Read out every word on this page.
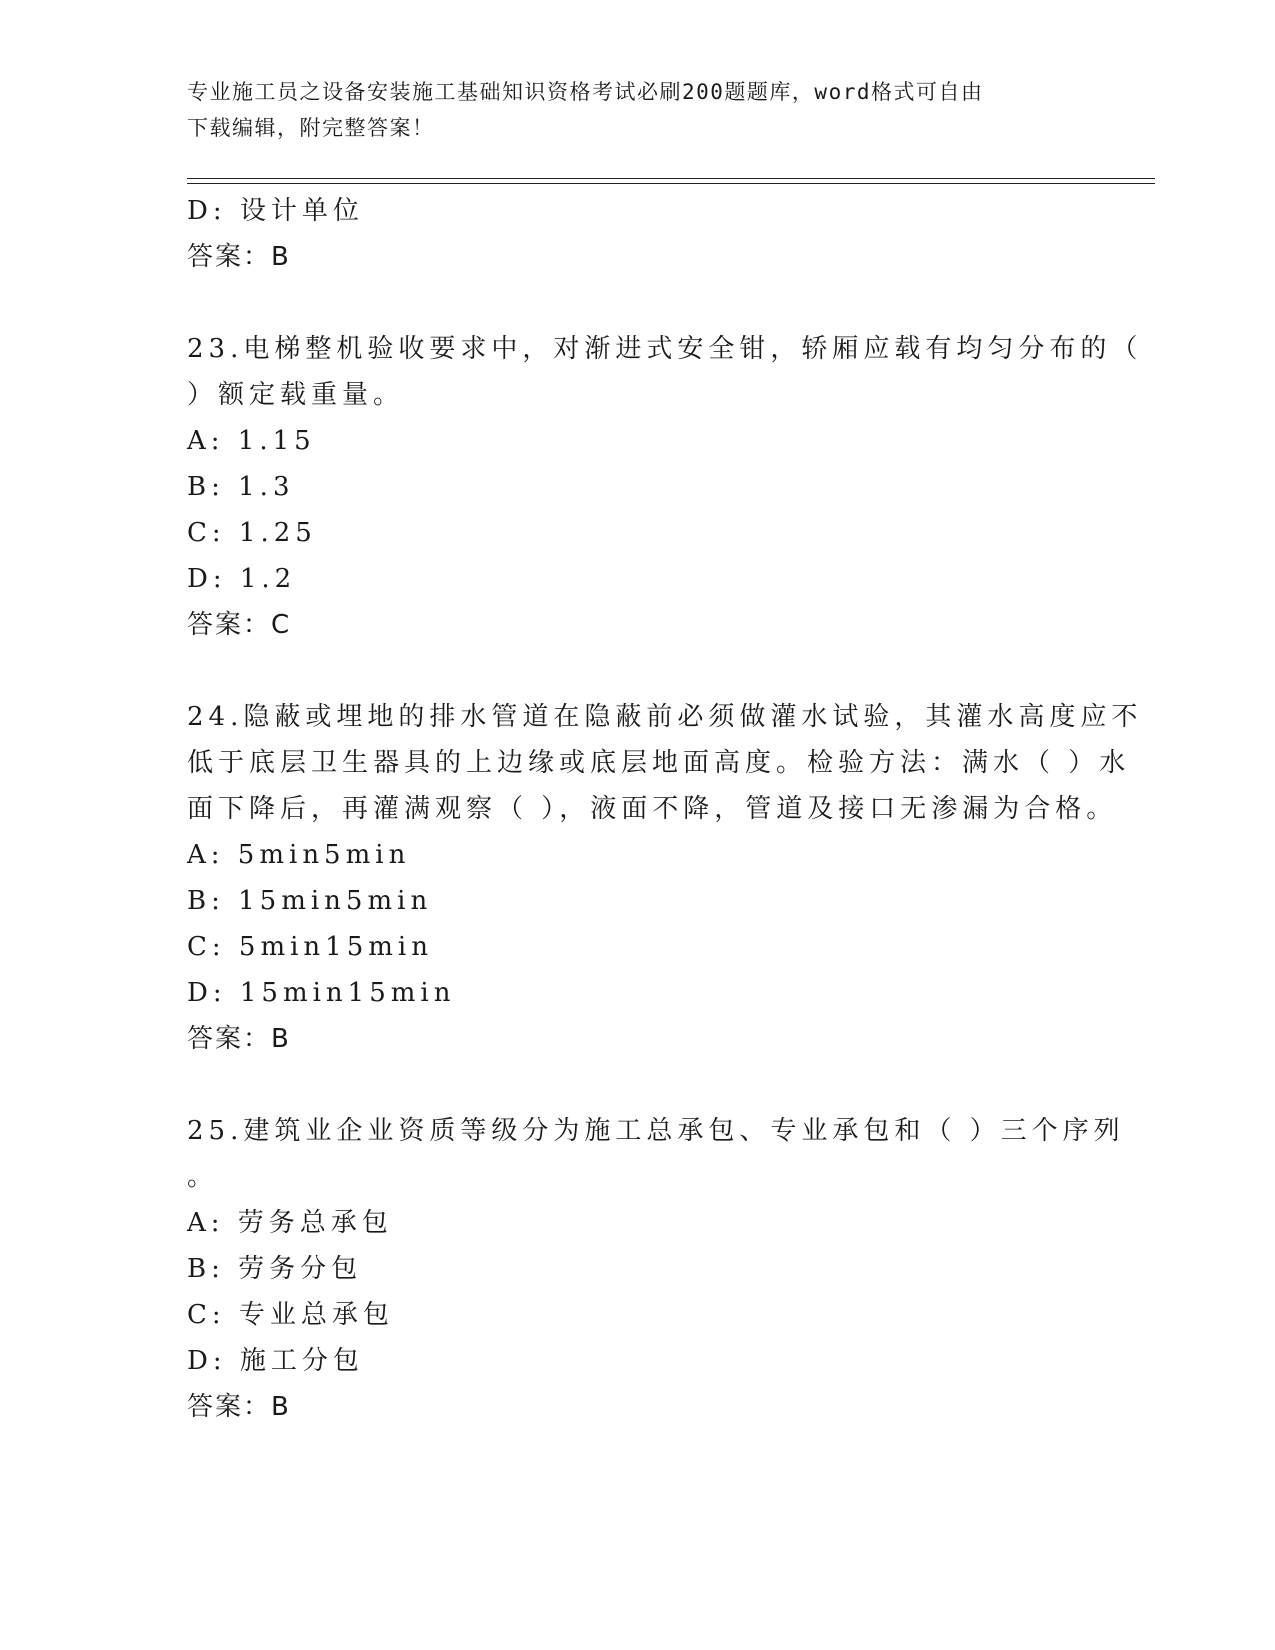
专业施工员之设备安装施工基础知识资格考试必刷200题题库，word格式可自由
下载编辑，附完整答案！
D: 设计单位
答案：B
23.电梯整机验收要求中，对渐进式安全钳，轿厢应载有均匀分布的（
）额定载重量。
A: 1.15
B: 1.3
C: 1.25
D: 1.2
答案：C
24.隐蔽或埋地的排水管道在隐蔽前必须做灌水试验，其灌水高度应不
低于底层卫生器具的上边缘或底层地面高度。检验方法：满水（ ）水
面下降后，再灌满观察（ ），液面不降，管道及接口无渗漏为合格。
A: 5min5min
B: 15min5min
C: 5min15min
D: 15min15min
答案：B
25.建筑业企业资质等级分为施工总承包、专业承包和（ ）三个序列
。
A: 劳务总承包
B: 劳务分包
C: 专业总承包
D: 施工分包
答案：B
